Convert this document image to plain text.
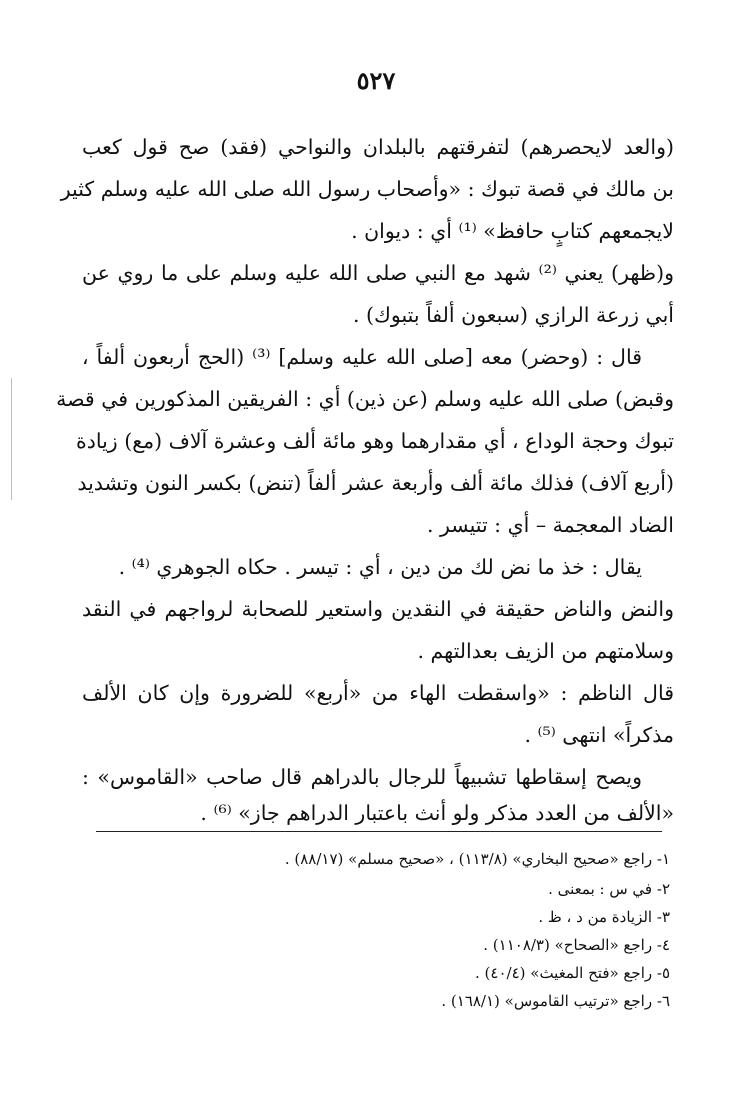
٥٢٧
(والعد لايحصرهم) لتفرقتهم بالبلدان والنواحي (فقد) صح قول كعب
بن مالك في قصة تبوك : «وأصحاب رسول الله صلى الله عليه وسلم كثير
لايجمعهم كتابٍ حافظ» ⁽¹⁾ أي : ديوان .
و(ظهر) يعني ⁽²⁾ شهد مع النبي صلى الله عليه وسلم على ما روي عن
أبي زرعة الرازي (سبعون ألفاً بتبوك) .
قال : (وحضر) معه [صلى الله عليه وسلم] ⁽³⁾ (الحج أربعون ألفاً ،
وقبض) صلى الله عليه وسلم (عن ذين) أي : الفريقين المذكورين في قصة
تبوك وحجة الوداع ، أي مقدارهما وهو مائة ألف وعشرة آلاف (مع) زيادة
(أربع آلاف) فذلك مائة ألف وأربعة عشر ألفاً (تنض) بكسر النون وتشديد
الضاد المعجمة – أي : تتيسر .
يقال : خذ ما نض لك من دين ، أي : تيسر . حكاه الجوهري ⁽⁴⁾ .
والنض والناض حقيقة في النقدين واستعير للصحابة لرواجهم في النقد
وسلامتهم من الزيف بعدالتهم .
قال الناظم : «واسقطت الهاء من «أربع» للضرورة وإن كان الألف
مذكراً» انتهى ⁽⁵⁾ .
ويصح إسقاطها تشبيهاً للرجال بالدراهم قال صاحب «القاموس» :
«الألف من العدد مذكر ولو أنث باعتبار الدراهم جاز» ⁽⁶⁾ .
١- راجع «صحيح البخاري» (١١٣/٨) ، «صحيح مسلم» (٨٨/١٧) .
٢- في س : بمعنى .
٣- الزيادة من د ، ظ .
٤- راجع «الصحاح» (١١٠٨/٣) .
٥- راجع «فتح المغيث» (٤٠/٤) .
٦- راجع «ترتيب القاموس» (١٦٨/١) .
